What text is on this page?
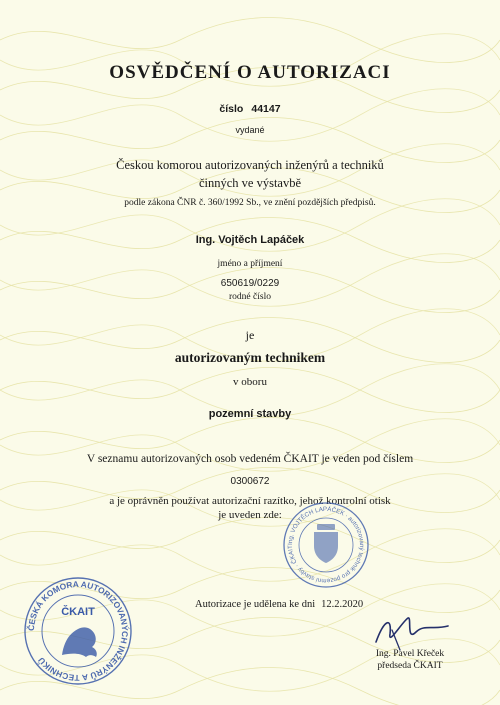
OSVĚDČENÍ O AUTORIZACI
číslo 44147
vydané
Českou komorou autorizovaných inženýrů a techniků
činných ve výstavbě
podle zákona ČNR č. 360/1992 Sb., ve znění pozdějších předpisů.
Ing. Vojtěch Lapáček
jméno a příjmení
650619/0229
rodné číslo
je
autorizovaným technikem
v oboru
pozemní stavby
V seznamu autorizovaných osob vedeném ČKAIT je veden pod číslem
0300672
a je oprávněn používat autorizační razítko, jehož kontrolní otisk
je uveden zde:
Ing. VOJTĚCH LAPÁČEK · autorizovaný technik pro pozemní stavby · ČKAIT
Autorizace je udělena ke dni 12.2.2020
ČESKÁ KOMORA AUTORIZOVANÝCH INŽENÝRŮ A TECHNIKŮ
ČKAIT
Ing. Pavel Křeček
předseda ČKAIT
